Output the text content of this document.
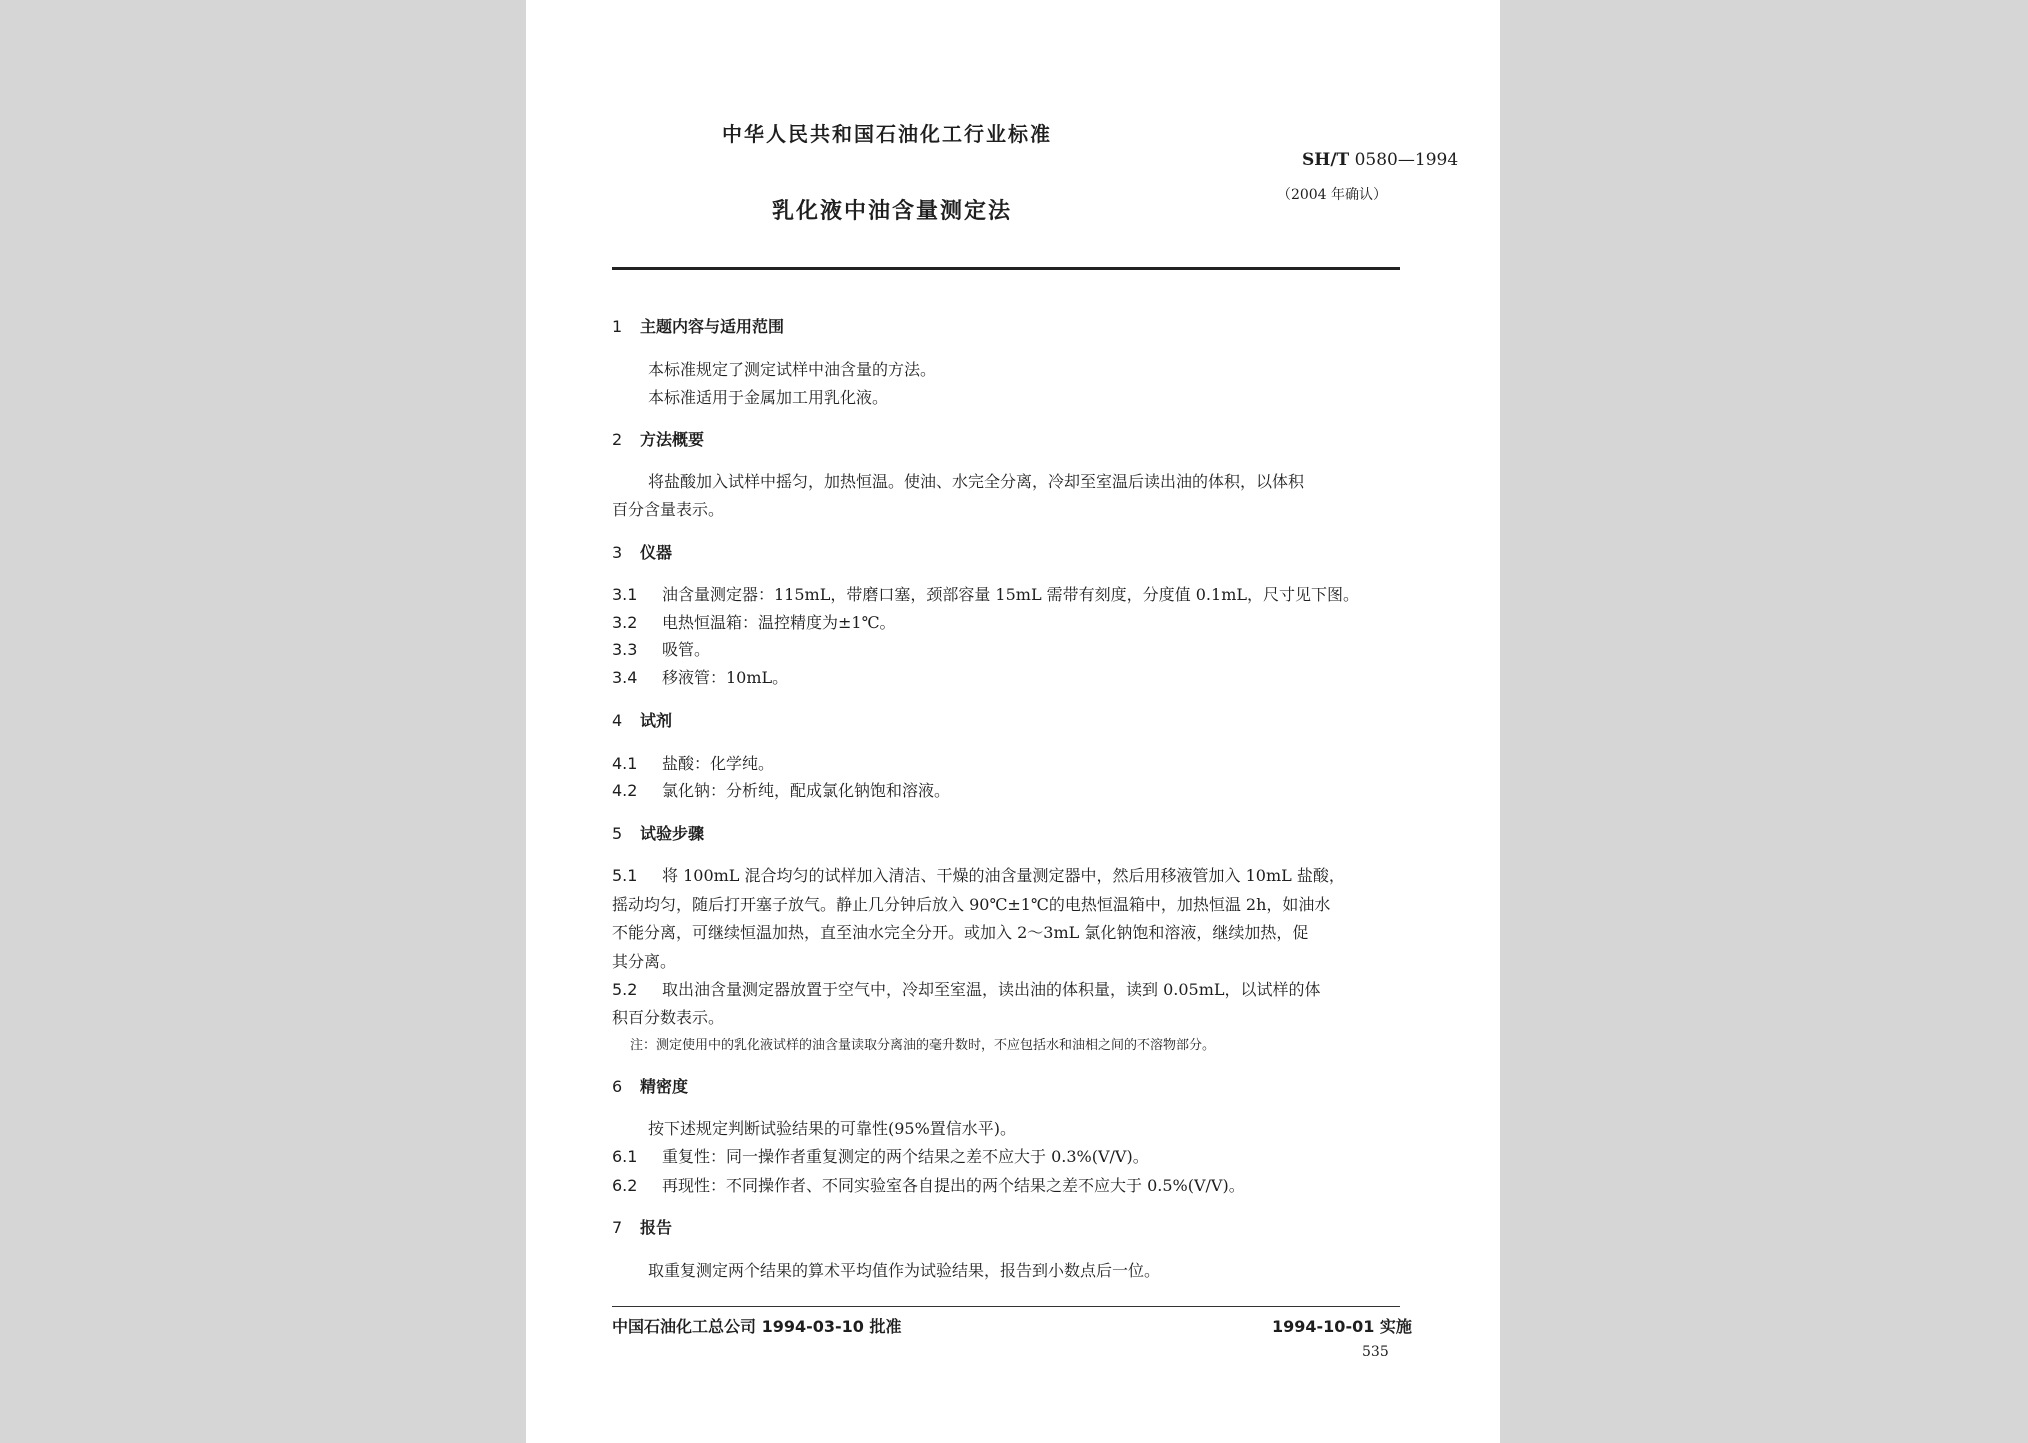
中华人民共和国石油化工行业标准
SH/T 0580—1994
（2004 年确认）
乳化液中油含量测定法
1 主题内容与适用范围
本标准规定了测定试样中油含量的方法。
本标准适用于金属加工用乳化液。
2 方法概要
将盐酸加入试样中摇匀，加热恒温。使油、水完全分离，冷却至室温后读出油的体积，以体积
百分含量表示。
3 仪器
3.1 油含量测定器：115mL，带磨口塞，颈部容量 15mL 需带有刻度，分度值 0.1mL，尺寸见下图。
3.2 电热恒温箱：温控精度为±1℃。
3.3 吸管。
3.4 移液管：10mL。
4 试剂
4.1 盐酸：化学纯。
4.2 氯化钠：分析纯，配成氯化钠饱和溶液。
5 试验步骤
5.1 将 100mL 混合均匀的试样加入清洁、干燥的油含量测定器中，然后用移液管加入 10mL 盐酸，
摇动均匀，随后打开塞子放气。静止几分钟后放入 90℃±1℃的电热恒温箱中，加热恒温 2h，如油水
不能分离，可继续恒温加热，直至油水完全分开。或加入 2～3mL 氯化钠饱和溶液，继续加热，促
其分离。
5.2 取出油含量测定器放置于空气中，冷却至室温，读出油的体积量，读到 0.05mL，以试样的体
积百分数表示。
注：测定使用中的乳化液试样的油含量读取分离油的毫升数时，不应包括水和油相之间的不溶物部分。
6 精密度
按下述规定判断试验结果的可靠性(95%置信水平)。
6.1 重复性：同一操作者重复测定的两个结果之差不应大于 0.3%(V/V)。
6.2 再现性：不同操作者、不同实验室各自提出的两个结果之差不应大于 0.5%(V/V)。
7 报告
取重复测定两个结果的算术平均值作为试验结果，报告到小数点后一位。
中国石油化工总公司 1994-03-10 批准	1994-10-01 实施
535
